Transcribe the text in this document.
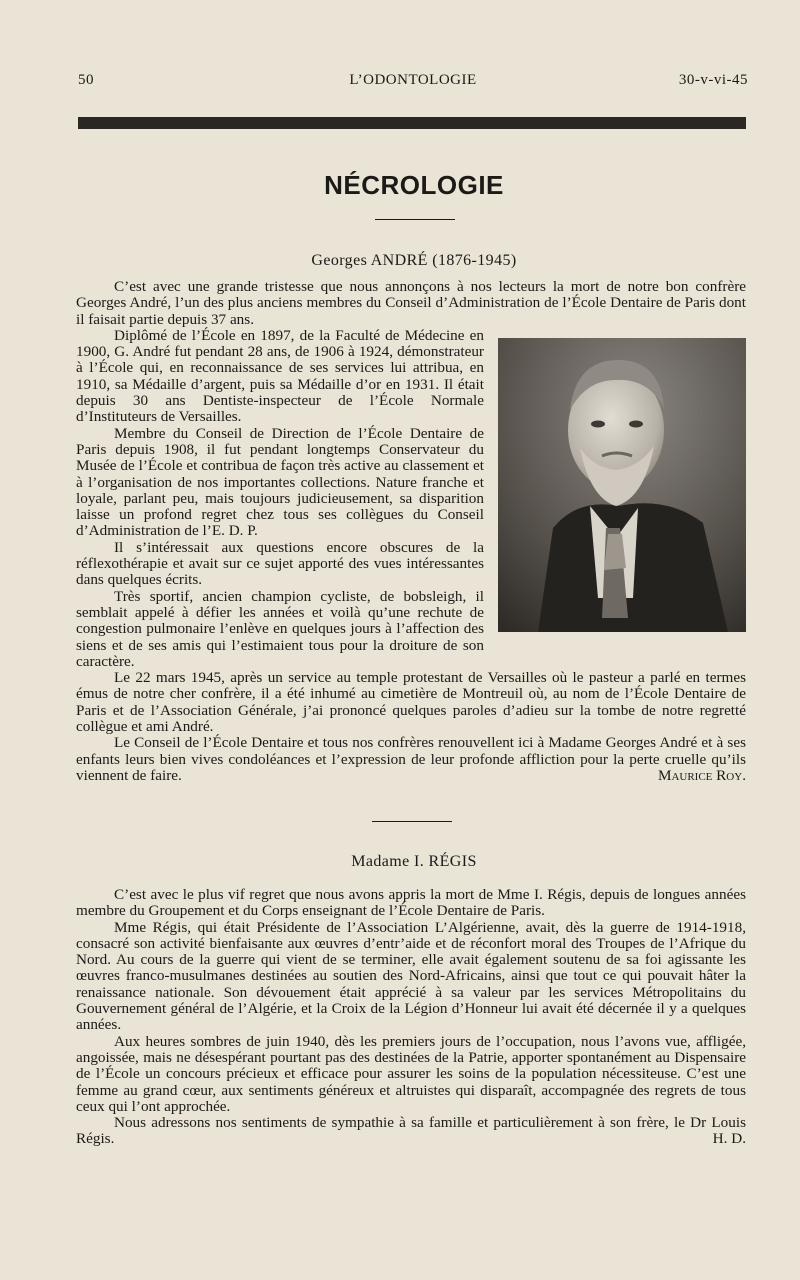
50	L’ODONTOLOGIE	30-v-vi-45
NÉCROLOGIE
Georges ANDRÉ (1876-1945)

C’est avec une grande tristesse que nous annonçons à nos lecteurs la mort de notre bon confrère Georges André, l’un des plus anciens membres du Conseil d’Administration de l’École Dentaire de Paris dont il faisait partie depuis 37 ans.

Diplômé de l’École en 1897, de la Faculté de Médecine en 1900, G. André fut pendant 28 ans, de 1906 à 1924, démonstrateur à l’École qui, en reconnaissance de ses services lui attribua, en 1910, sa Médaille d’argent, puis sa Médaille d’or en 1931. Il était depuis 30 ans Dentiste-inspecteur de l’École Normale d’Instituteurs de Versailles.

Membre du Conseil de Direction de l’École Dentaire de Paris depuis 1908, il fut pendant longtemps Conservateur du Musée de l’École et contribua de façon très active au classement et à l’organisation de nos importantes collections. Nature franche et loyale, parlant peu, mais toujours judicieusement, sa disparition laisse un profond regret chez tous ses collègues du Conseil d’Administration de l’E. D. P.

Il s’intéressait aux questions encore obscures de la réflexothérapie et avait sur ce sujet apporté des vues intéressantes dans quelques écrits.

Très sportif, ancien champion cycliste, de bobsleigh, il semblait appelé à défier les années et voilà qu’une rechute de congestion pulmonaire l’enlève en quelques jours à l’affection des siens et de ses amis qui l’estimaient tous pour la droiture de son caractère.

Le 22 mars 1945, après un service au temple protestant de Versailles où le pasteur a parlé en termes émus de notre cher confrère, il a été inhumé au cimetière de Montreuil où, au nom de l’École Dentaire de Paris et de l’Association Générale, j’ai prononcé quelques paroles d’adieu sur la tombe de notre regretté collègue et ami André.

Le Conseil de l’École Dentaire et tous nos confrères renouvellent ici à Madame Georges André et à ses enfants leurs bien vives condoléances et l’expression de leur profonde affliction pour la perte cruelle qu’ils viennent de faire.	Maurice Roy.

Madame I. RÉGIS

C’est avec le plus vif regret que nous avons appris la mort de Mme I. Régis, depuis de longues années membre du Groupement et du Corps enseignant de l’École Dentaire de Paris.

Mme Régis, qui était Présidente de l’Association L’Algérienne, avait, dès la guerre de 1914-1918, consacré son activité bienfaisante aux œuvres d’entr’aide et de réconfort moral des Troupes de l’Afrique du Nord. Au cours de la guerre qui vient de se terminer, elle avait également soutenu de sa foi agissante les œuvres franco-musulmanes destinées au soutien des Nord-Africains, ainsi que tout ce qui pouvait hâter la renaissance nationale. Son dévouement était apprécié à sa valeur par les services Métropolitains du Gouvernement général de l’Algérie, et la Croix de la Légion d’Honneur lui avait été décernée il y a quelques années.

Aux heures sombres de juin 1940, dès les premiers jours de l’occupation, nous l’avons vue, affligée, angoissée, mais ne désespérant pourtant pas des destinées de la Patrie, apporter spontanément au Dispensaire de l’École un concours précieux et efficace pour assurer les soins de la population nécessiteuse. C’est une femme au grand cœur, aux sentiments généreux et altruistes qui disparaît, accompagnée des regrets de tous ceux qui l’ont approchée.

Nous adressons nos sentiments de sympathie à sa famille et particulièrement à son frère, le Dr Louis Régis.	H. D.
